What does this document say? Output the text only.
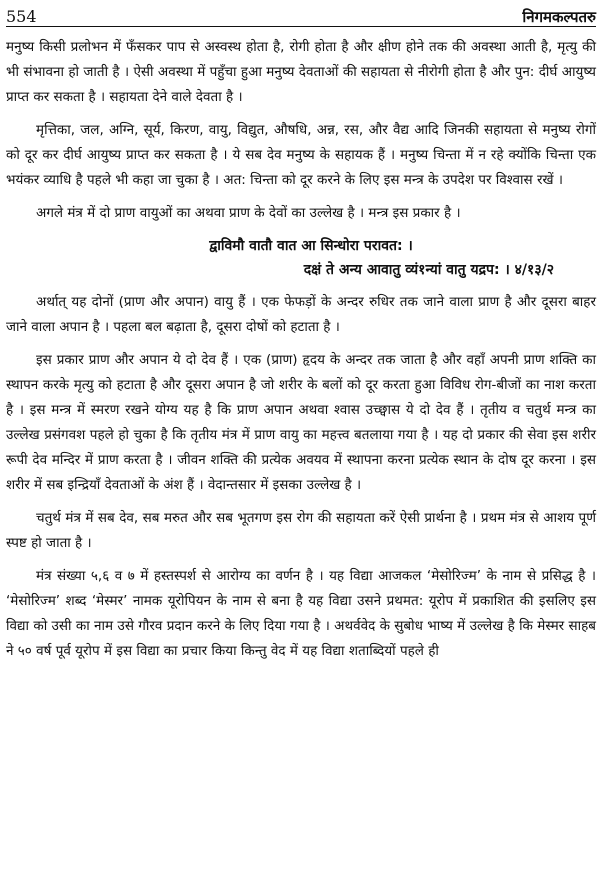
554	निगमकल्पतरु

मनुष्य किसी प्रलोभन में फँसकर पाप से अस्वस्थ होता है, रोगी होता है और क्षीण होने तक की अवस्था आती है, मृत्यु की भी संभावना हो जाती है । ऐसी अवस्था में पहुँचा हुआ मनुष्य देवताओं की सहायता से नीरोगी होता है और पुन: दीर्घ आयुष्य प्राप्त कर सकता है । सहायता देने वाले देवता है ।

मृत्तिका, जल, अग्नि, सूर्य, किरण, वायु, विद्युत, औषधि, अन्न, रस, और वैद्य आदि जिनकी सहायता से मनुष्य रोगों को दूर कर दीर्घ आयुष्य प्राप्त कर सकता है । ये सब देव मनुष्य के सहायक हैं । मनुष्य चिन्ता में न रहे क्योंकि चिन्ता एक भयंकर व्याधि है पहले भी कहा जा चुका है । अत: चिन्ता को दूर करने के लिए इस मन्त्र के उपदेश पर विश्वास रखें ।

अगले मंत्र में दो प्राण वायुओं का अथवा प्राण के देवों का उल्लेख है । मन्त्र इस प्रकार है ।

द्वाविमौ वातौ वात आ सिन्धोरा परावत: ।
दक्षं ते अन्य आवातु व्यं१न्यां वातु यद्रप: । ४/१३/२

अर्थात् यह दोनों (प्राण और अपान) वायु हैं । एक फेफड़ों के अन्दर रुधिर तक जाने वाला प्राण है और दूसरा बाहर जाने वाला अपान है । पहला बल बढ़ाता है, दूसरा दोषों को हटाता है ।

इस प्रकार प्राण और अपान ये दो देव हैं । एक (प्राण) हृदय के अन्दर तक जाता है और वहाँ अपनी प्राण शक्ति का स्थापन करके मृत्यु को हटाता है और दूसरा अपान है जो शरीर के बलों को दूर करता हुआ विविध रोग-बीजों का नाश करता है । इस मन्त्र में स्मरण रखने योग्य यह है कि प्राण अपान अथवा श्वास उच्छ्वास ये दो देव हैं । तृतीय व चतुर्थ मन्त्र का उल्लेख प्रसंगवश पहले हो चुका है कि तृतीय मंत्र में प्राण वायु का महत्त्व बतलाया गया है । यह दो प्रकार की सेवा इस शरीर रूपी देव मन्दिर में प्राण करता है । जीवन शक्ति की प्रत्येक अवयव में स्थापना करना प्रत्येक स्थान के दोष दूर करना । इस शरीर में सब इन्द्रियाँ देवताओं के अंश हैं । वेदान्तसार में इसका उल्लेख है ।

चतुर्थ मंत्र में सब देव, सब मरुत और सब भूतगण इस रोग की सहायता करें ऐसी प्रार्थना है । प्रथम मंत्र से आशय पूर्ण स्पष्ट हो जाता है ।

मंत्र संख्या ५,६ व ७ में हस्तस्पर्श से आरोग्य का वर्णन है । यह विद्या आजकल ‘मेसोरिज्म’ के नाम से प्रसिद्ध है । ‘मेसोरिज्म’ शब्द ‘मेस्मर’ नामक यूरोपियन के नाम से बना है यह विद्या उसने प्रथमत: यूरोप में प्रकाशित की इसलिए इस विद्या को उसी का नाम उसे गौरव प्रदान करने के लिए दिया गया है । अथर्ववेद के सुबोध भाष्य में उल्लेख है कि मेस्मर साहब ने ५० वर्ष पूर्व यूरोप में इस विद्या का प्रचार किया किन्तु वेद में यह विद्या शताब्दियों पहले ही
